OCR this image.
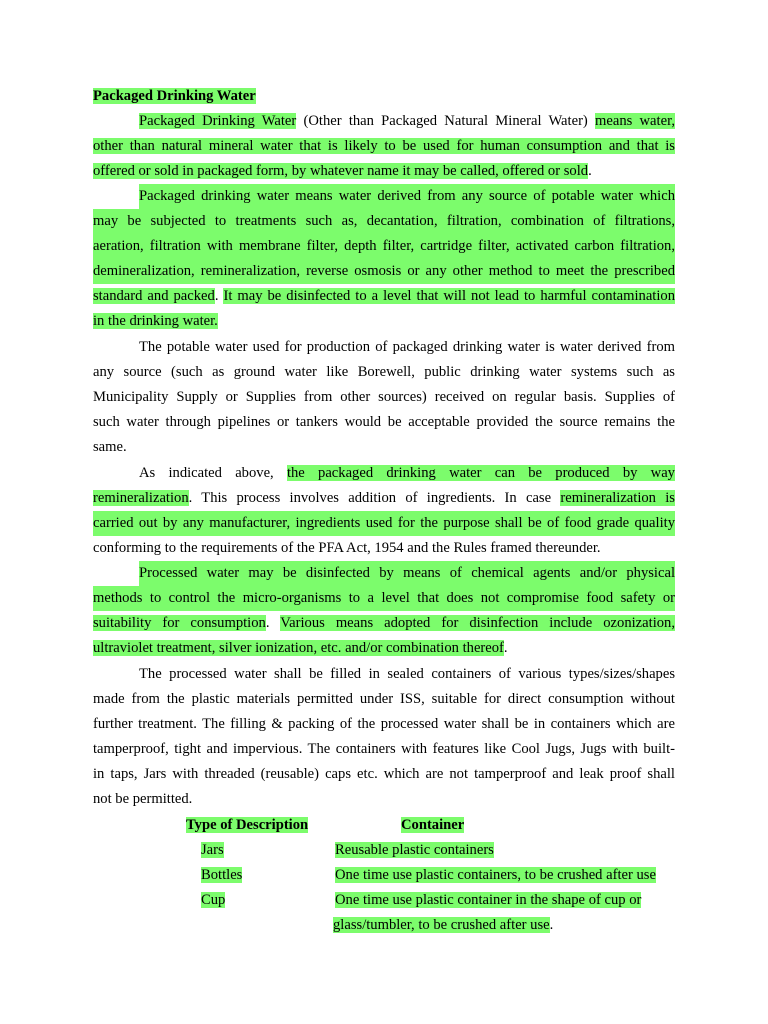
Packaged Drinking Water
Packaged Drinking Water (Other than Packaged Natural Mineral Water) means water,
other than natural mineral water that is likely to be used for human consumption and that is
offered or sold in packaged form, by whatever name it may be called, offered or sold.
Packaged drinking water means water derived from any source of potable water which
may be subjected to treatments such as, decantation, filtration, combination of filtrations,
aeration, filtration with membrane filter, depth filter, cartridge filter, activated carbon filtration,
demineralization, remineralization, reverse osmosis or any other method to meet the prescribed
standard and packed. It may be disinfected to a level that will not lead to harmful contamination
in the drinking water.
The potable water used for production of packaged drinking water is water derived from
any source (such as ground water like Borewell, public drinking water systems such as
Municipality Supply or Supplies from other sources) received on regular basis. Supplies of
such water through pipelines or tankers would be acceptable provided the source remains the
same.
As indicated above, the packaged drinking water can be produced by way
remineralization. This process involves addition of ingredients. In case remineralization is
carried out by any manufacturer, ingredients used for the purpose shall be of food grade quality
conforming to the requirements of the PFA Act, 1954 and the Rules framed thereunder.
Processed water may be disinfected by means of chemical agents and/or physical
methods to control the micro-organisms to a level that does not compromise food safety or
suitability for consumption. Various means adopted for disinfection include ozonization,
ultraviolet treatment, silver ionization, etc. and/or combination thereof.
The processed water shall be filled in sealed containers of various types/sizes/shapes
made from the plastic materials permitted under ISS, suitable for direct consumption without
further treatment. The filling & packing of the processed water shall be in containers which are
tamperproof, tight and impervious. The containers with features like Cool Jugs, Jugs with built-
in taps, Jars with threaded (reusable) caps etc. which are not tamperproof and leak proof shall
not be permitted.
Type of Description	Container
Jars	Reusable plastic containers
Bottles	One time use plastic containers, to be crushed after use
Cup	One time use plastic container in the shape of cup or
glass/tumbler, to be crushed after use.
